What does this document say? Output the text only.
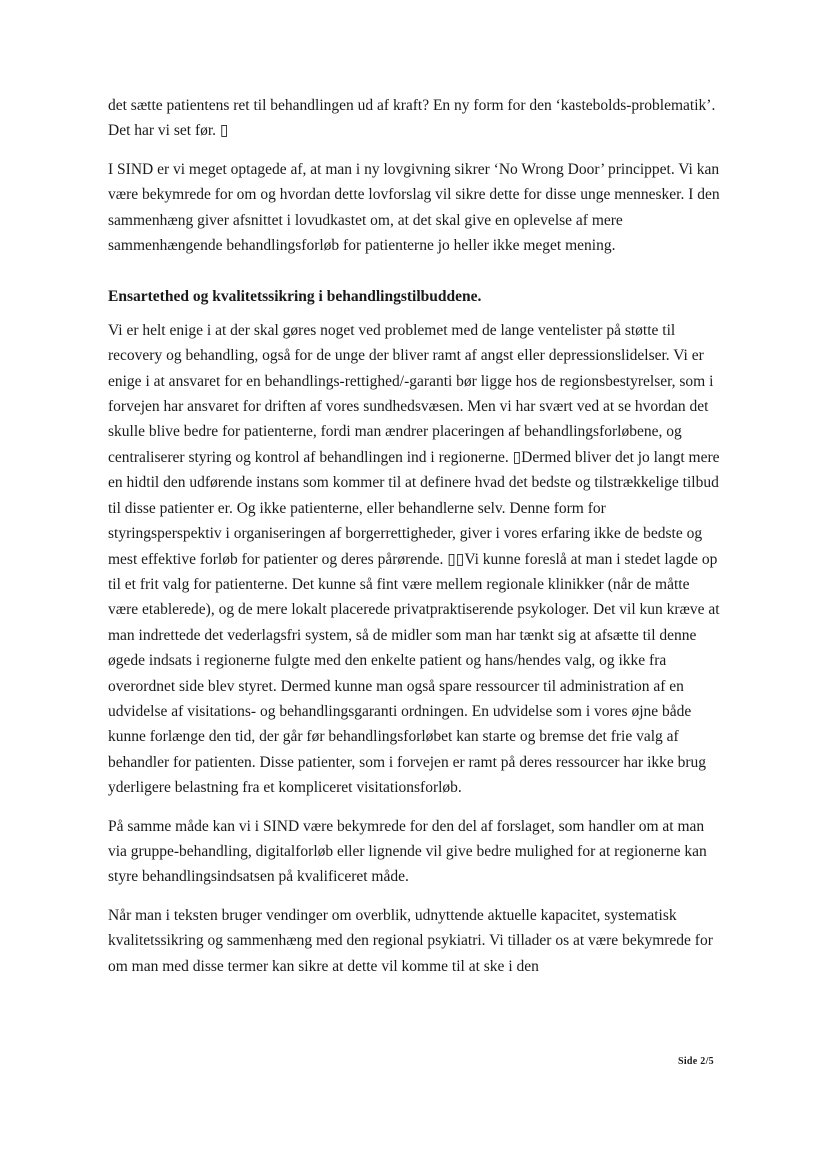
det sætte patientens ret til behandlingen ud af kraft? En ny form for den ‘kastebolds-problematik’. Det har vi set før. ▯

I SIND er vi meget optagede af, at man i ny lovgivning sikrer ‘No Wrong Door’ princippet. Vi kan være bekymrede for om og hvordan dette lovforslag vil sikre dette for disse unge mennesker. I den sammenhæng giver afsnittet i lovudkastet om, at det skal give en oplevelse af mere sammenhængende behandlingsforløb for patienterne jo heller ikke meget mening.

Ensartethed og kvalitetssikring i behandlingstilbuddene.

Vi er helt enige i at der skal gøres noget ved problemet med de lange ventelister på støtte til recovery og behandling, også for de unge der bliver ramt af angst eller depressionslidelser. Vi er enige i at ansvaret for en behandlings-rettighed/-garanti bør ligge hos de regionsbestyrelser, som i forvejen har ansvaret for driften af vores sundhedsvæsen. Men vi har svært ved at se hvordan det skulle blive bedre for patienterne, fordi man ændrer placeringen af behandlingsforløbene, og centraliserer styring og kontrol af behandlingen ind i regionerne. ▯Dermed bliver det jo langt mere en hidtil den udførende instans som kommer til at definere hvad det bedste og tilstrækkelige tilbud til disse patienter er. Og ikke patienterne, eller behandlerne selv. Denne form for styringsperspektiv i organiseringen af borgerrettigheder, giver i vores erfaring ikke de bedste og mest effektive forløb for patienter og deres pårørende. ▯▯Vi kunne foreslå at man i stedet lagde op til et frit valg for patienterne. Det kunne så fint være mellem regionale klinikker (når de måtte være etablerede), og de mere lokalt placerede privatpraktiserende psykologer. Det vil kun kræve at man indrettede det vederlagsfri system, så de midler som man har tænkt sig at afsætte til denne øgede indsats i regionerne fulgte med den enkelte patient og hans/hendes valg, og ikke fra overordnet side blev styret. Dermed kunne man også spare ressourcer til administration af en udvidelse af visitations- og behandlingsgaranti ordningen. En udvidelse som i vores øjne både kunne forlænge den tid, der går før behandlingsforløbet kan starte og bremse det frie valg af behandler for patienten. Disse patienter, som i forvejen er ramt på deres ressourcer har ikke brug yderligere belastning fra et kompliceret visitationsforløb.

På samme måde kan vi i SIND være bekymrede for den del af forslaget, som handler om at man via gruppe-behandling, digitalforløb eller lignende vil give bedre mulighed for at regionerne kan styre behandlingsindsatsen på kvalificeret måde.

Når man i teksten bruger vendinger om overblik, udnyttende aktuelle kapacitet, systematisk kvalitetssikring og sammenhæng med den regional psykiatri. Vi tillader os at være bekymrede for om man med disse termer kan sikre at dette vil komme til at ske i den

Side 2/5
